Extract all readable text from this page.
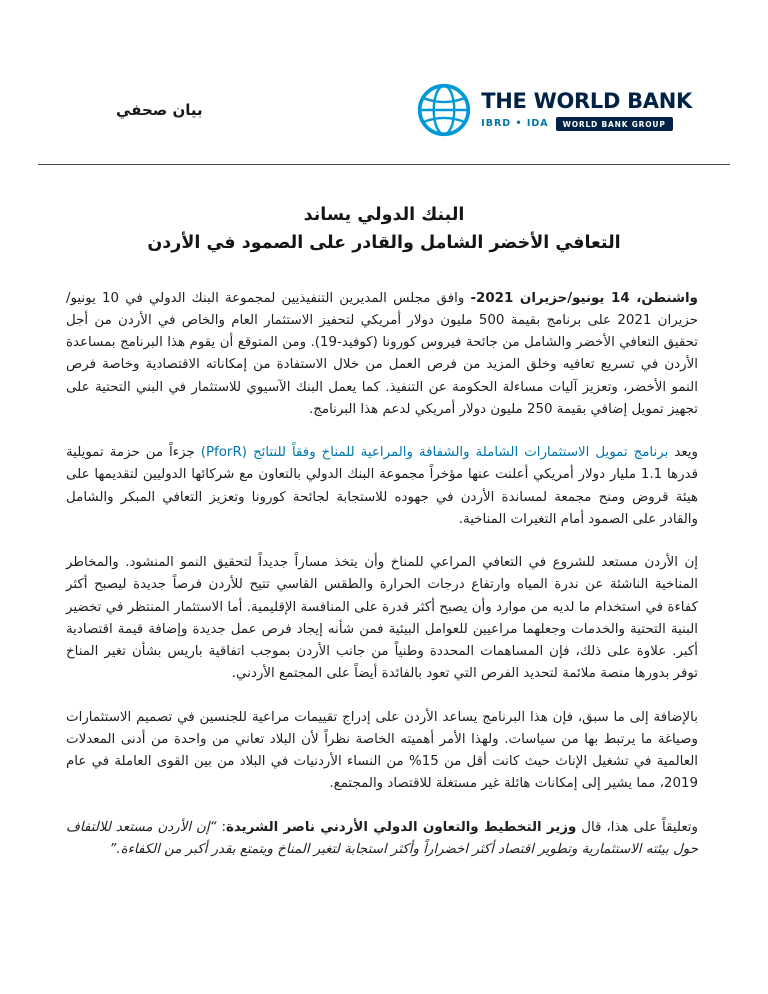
بيان صحفي	THE WORLD BANK
IBRD • IDA	WORLD BANK GROUP
البنك الدولي يساند
التعافي الأخضر الشامل والقادر على الصمود في الأردن

واشنطن، 14 يونيو/حزيران 2021- وافق مجلس المديرين التنفيذيين لمجموعة البنك الدولي في 10 يونيو/حزيران 2021 على برنامج بقيمة 500 مليون دولار أمريكي لتحفيز الاستثمار العام والخاص في الأردن من أجل تحقيق التعافي الأخضر والشامل من جائحة فيروس كورونا (كوفيد-19). ومن المتوقع أن يقوم هذا البرنامج بمساعدة الأردن في تسريع تعافيه وخلق المزيد من فرص العمل من خلال الاستفادة من إمكاناته الاقتصادية وخاصة فرص النمو الأخضر، وتعزيز آليات مساءلة الحكومة عن التنفيذ. كما يعمل البنك الآسيوي للاستثمار في البني التحتية على تجهيز تمويل إضافي بقيمة 250 مليون دولار أمريكي لدعم هذا البرنامج.

ويعد برنامج تمويل الاستثمارات الشاملة والشفافة والمراعية للمناخ وفقاً للنتائج (PforR) جزءاً من حزمة تمويلية قدرها 1.1 مليار دولار أمريكي أعلنت عنها مؤخراً مجموعة البنك الدولي بالتعاون مع شركائها الدوليين لتقديمها على هيئة قروض ومنح مجمعة لمساندة الأردن في جهوده للاستجابة لجائحة كورونا وتعزيز التعافي المبكر والشامل والقادر على الصمود أمام التغيرات المناخية.

إن الأردن مستعد للشروع في التعافي المراعي للمناخ وأن يتخذ مساراً جديداً لتحقيق النمو المنشود. والمخاطر المناخية الناشئة عن ندرة المياه وارتفاع درجات الحرارة والطقس القاسي تتيح للأردن فرصاً جديدة ليصبح أكثر كفاءة في استخدام ما لديه من موارد وأن يصبح أكثر قدرة على المنافسة الإقليمية. أما الاستثمار المنتظر في تخضير البنية التحتية والخدمات وجعلهما مراعيين للعوامل البيئية فمن شأنه إيجاد فرص عمل جديدة وإضافة قيمة اقتصادية أكبر. علاوة على ذلك، فإن المساهمات المحددة وطنياً من جانب الأردن بموجب اتفاقية باريس بشأن تغير المناخ توفر بدورها منصة ملائمة لتحديد الفرص التي تعود بالفائدة أيضاً على المجتمع الأردني.

بالإضافة إلى ما سبق، فإن هذا البرنامج يساعد الأردن على إدراج تقييمات مراعية للجنسين في تصميم الاستثمارات وصياغة ما يرتبط بها من سياسات. ولهذا الأمر أهميته الخاصة نظراً لأن البلاد تعاني من واحدة من أدنى المعدلات العالمية في تشغيل الإناث حيث كانت أقل من 15% من النساء الأردنيات في البلاد من بين القوى العاملة في عام 2019، مما يشير إلى إمكانات هائلة غير مستغلة للاقتصاد والمجتمع.

وتعليقاً على هذا، قال وزير التخطيط والتعاون الدولي الأردني ناصر الشريدة: “إن الأردن مستعد للالتفاف حول بيئته الاستثمارية وتطوير اقتصاد أكثر اخضراراً وأكثر استجابة لتغير المناخ ويتمتع بقدر أكبر من الكفاءة.”
